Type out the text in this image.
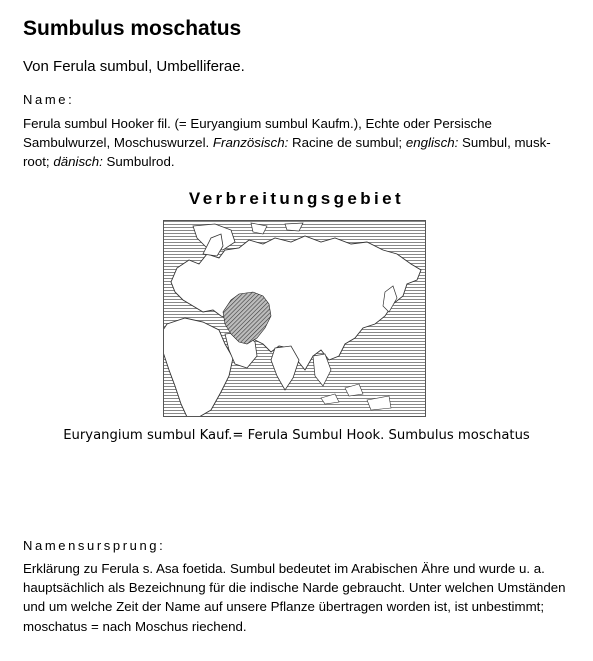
Sumbulus moschatus
Von Ferula sumbul, Umbelliferae.
Name:
Ferula sumbul Hooker fil. (= Euryangium sumbul Kaufm.), Echte oder Persische Sambulwurzel, Moschuswurzel. Französisch: Racine de sumbul; englisch: Sumbul, musk-root; dänisch: Sumbulrod.
Verbreitungsgebiet
Euryangium sumbul Kauf.= Ferula Sumbul Hook. Sumbulus moschatus
Namensursprung:
Erklärung zu Ferula s. Asa foetida. Sumbul bedeutet im Arabischen Ähre und wurde u. a. hauptsächlich als Bezeichnung für die indische Narde gebraucht. Unter welchen Umständen und um welche Zeit der Name auf unsere Pflanze übertragen worden ist, ist unbestimmt; moschatus = nach Moschus riechend.
